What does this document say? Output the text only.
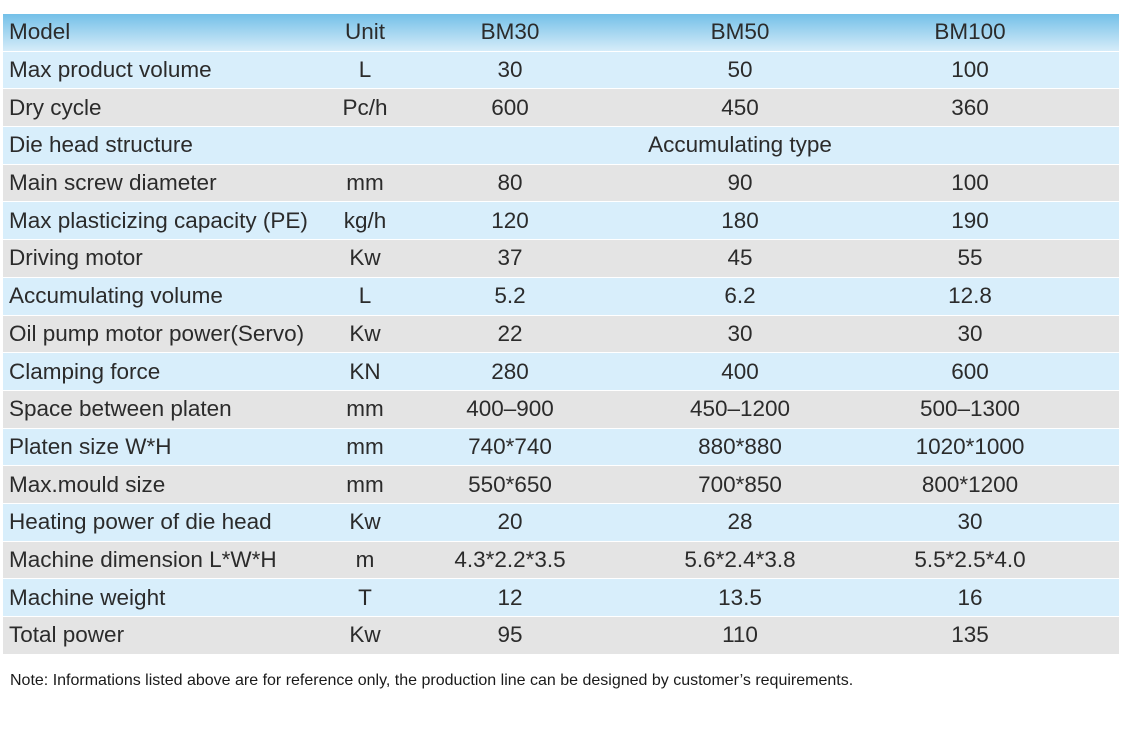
Model	Unit	BM30	BM50	BM100
Max product volume	L	30	50	100
Dry cycle	Pc/h	600	450	360
Die head structure	Accumulating type
Main screw diameter	mm	80	90	100
Max plasticizing capacity (PE)	kg/h	120	180	190
Driving motor	Kw	37	45	55
Accumulating volume	L	5.2	6.2	12.8
Oil pump motor power(Servo)	Kw	22	30	30
Clamping force	KN	280	400	600
Space between platen	mm	400–900	450–1200	500–1300
Platen size W*H	mm	740*740	880*880	1020*1000
Max.mould size	mm	550*650	700*850	800*1200
Heating power of die head	Kw	20	28	30
Machine dimension L*W*H	m	4.3*2.2*3.5	5.6*2.4*3.8	5.5*2.5*4.0
Machine weight	T	12	13.5	16
Total power	Kw	95	110	135
Note: Informations listed above are for reference only, the production line can be designed by customer’s requirements.
